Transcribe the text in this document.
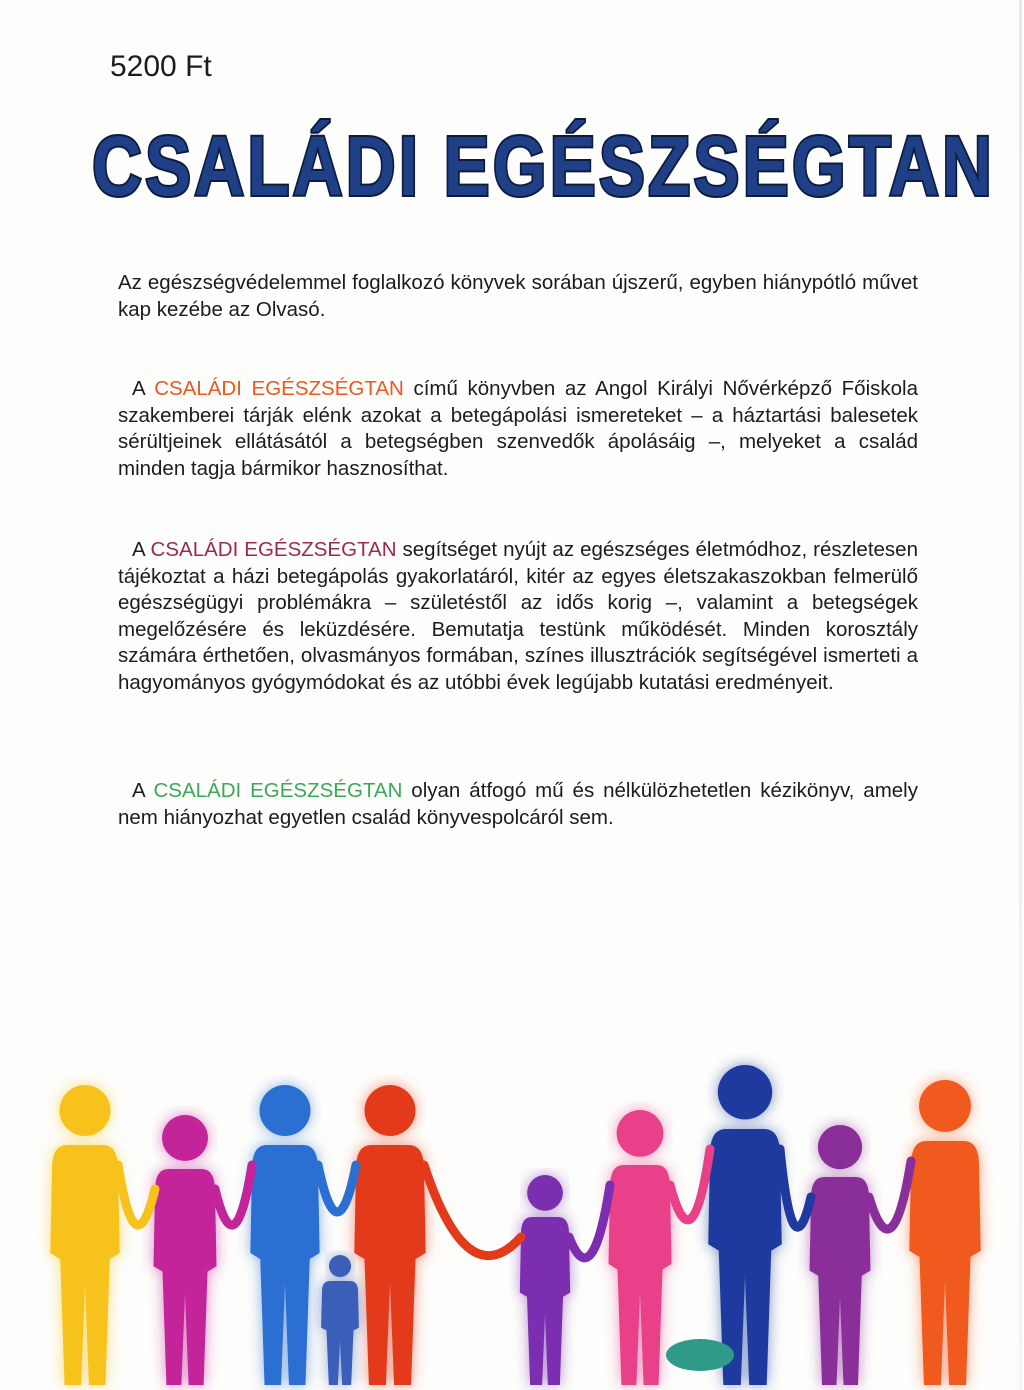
5200 Ft
CSALÁDI EGÉSZSÉGTAN
Az egészségvédelemmel foglalkozó könyvek sorában újszerű, egyben hiánypótló művet kap kezébe az Olvasó.
A CSALÁDI EGÉSZSÉGTAN című könyvben az Angol Királyi Nővérképző Főiskola szakemberei tárják elénk azokat a betegápolási ismereteket – a háztartási balesetek sérültjeinek ellátásától a betegségben szenvedők ápolásáig –, melyeket a család minden tagja bármikor hasznosíthat.
A CSALÁDI EGÉSZSÉGTAN segítséget nyújt az egészséges életmódhoz, részletesen tájékoztat a házi betegápolás gyakorlatáról, kitér az egyes életszakaszokban felmerülő egészségügyi problémákra – születéstől az idős korig –, valamint a betegségek megelőzésére és leküzdésére. Bemutatja testünk működését. Minden korosztály számára érthetően, olvasmányos formában, színes illusztrációk segítségével ismerteti a hagyományos gyógymódokat és az utóbbi évek legújabb kutatási eredményeit.
A CSALÁDI EGÉSZSÉGTAN olyan átfogó mű és nélkülözhetetlen kézikönyv, amely nem hiányozhat egyetlen család könyvespolcáról sem.
